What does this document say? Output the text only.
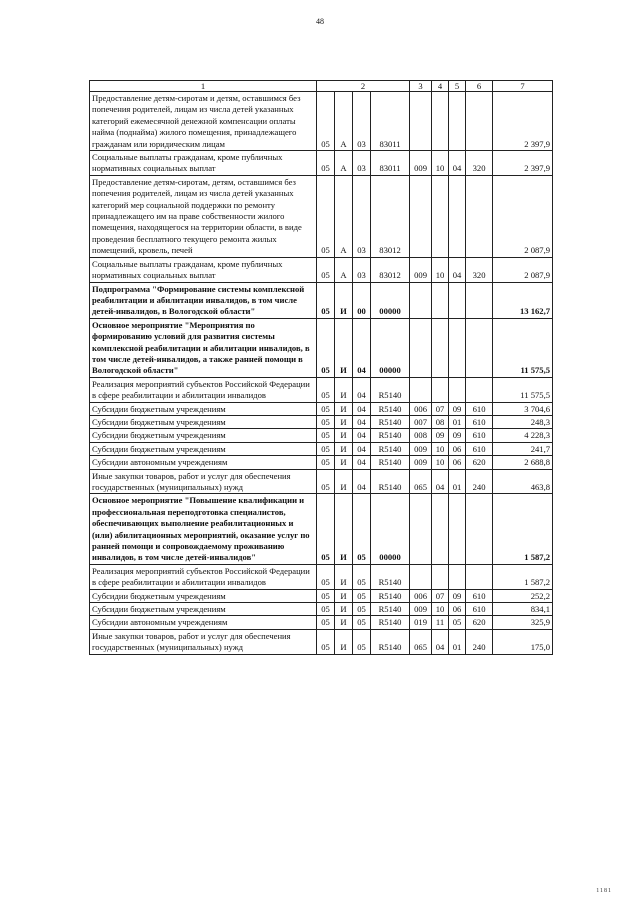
48
1	2				3	4	5	6	7
Предоставление детям-сиротам и детям, оставшимся без попечения родителей, лицам из числа детей указанных категорий ежемесячной денежной компенсации оплаты найма (поднайма) жилого помещения, принадлежащего гражданам или юридическим лицам	05	А	03	83011					2 397,9
Социальные выплаты гражданам, кроме публичных нормативных социальных выплат	05	А	03	83011	009	10	04	320	2 397,9
Предоставление детям-сиротам, детям, оставшимся без попечения родителей, лицам из числа детей указанных категорий мер социальной поддержки по ремонту принадлежащего им на праве собственности жилого помещения, находящегося на территории области, в виде проведения бесплатного текущего ремонта жилых помещений, кровель, печей	05	А	03	83012					2 087,9
Социальные выплаты гражданам, кроме публичных нормативных социальных выплат	05	А	03	83012	009	10	04	320	2 087,9
Подпрограмма "Формирование системы комплексной реабилитации и абилитации инвалидов, в том числе детей-инвалидов, в Вологодской области"	05	И	00	00000					13 162,7
Основное мероприятие "Мероприятия по формированию условий для развития системы комплексной реабилитации и абилитации инвалидов, в том числе детей-инвалидов, а также ранней помощи в Вологодской области"	05	И	04	00000					11 575,5
Реализация мероприятий субъектов Российской Федерации в сфере реабилитации и абилитации инвалидов	05	И	04	R5140					11 575,5
Субсидии бюджетным учреждениям	05	И	04	R5140	006	07	09	610	3 704,6
Субсидии бюджетным учреждениям	05	И	04	R5140	007	08	01	610	248,3
Субсидии бюджетным учреждениям	05	И	04	R5140	008	09	09	610	4 228,3
Субсидии бюджетным учреждениям	05	И	04	R5140	009	10	06	610	241,7
Субсидии автономным учреждениям	05	И	04	R5140	009	10	06	620	2 688,8
Иные закупки товаров, работ и услуг для обеспечения государственных (муниципальных) нужд	05	И	04	R5140	065	04	01	240	463,8
Основное мероприятие "Повышение квалификации и профессиональная переподготовка специалистов, обеспечивающих выполнение реабилитационных и (или) абилитационных мероприятий, оказание услуг по ранней помощи и сопровождаемому проживанию инвалидов, в том числе детей-инвалидов"	05	И	05	00000					1 587,2
Реализация мероприятий субъектов Российской Федерации в сфере реабилитации и абилитации инвалидов	05	И	05	R5140					1 587,2
Субсидии бюджетным учреждениям	05	И	05	R5140	006	07	09	610	252,2
Субсидии бюджетным учреждениям	05	И	05	R5140	009	10	06	610	834,1
Субсидии автономным учреждениям	05	И	05	R5140	019	11	05	620	325,9
Иные закупки товаров, работ и услуг для обеспечения государственных (муниципальных) нужд	05	И	05	R5140	065	04	01	240	175,0
1181
